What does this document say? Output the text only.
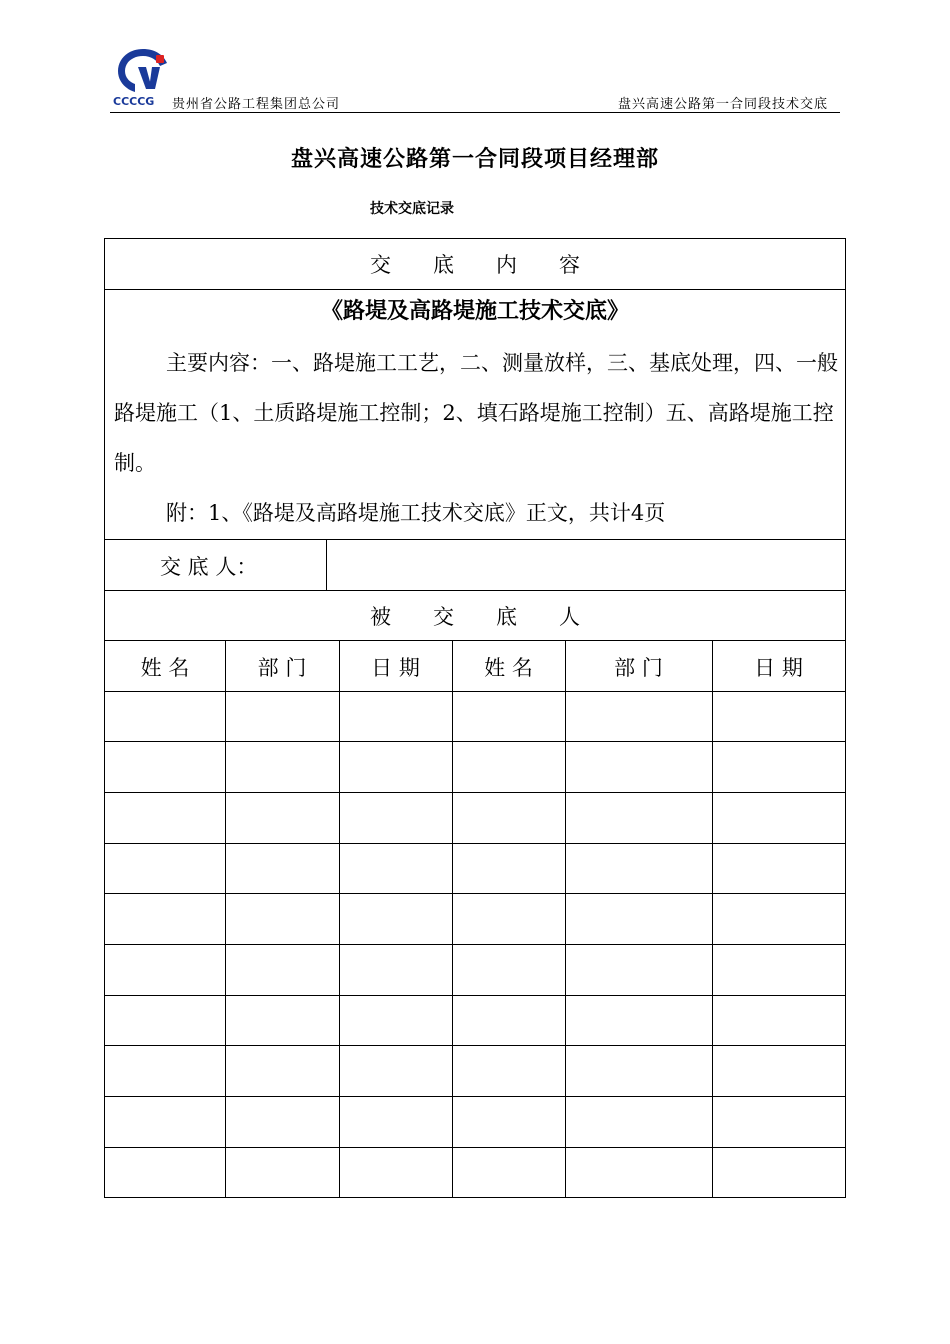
CCCCG 贵州省公路工程集团总公司	盘兴高速公路第一合同段技术交底
盘兴高速公路第一合同段项目经理部
技术交底记录
交　　底　　内　　容
《路堤及高路堤施工技术交底》
主要内容：一、路堤施工工艺，二、测量放样，三、基底处理，四、一般路堤施工（1、土质路堤施工控制；2、填石路堤施工控制）五、高路堤施工控制。
附：1、《路堤及高路堤施工技术交底》正文，共计4页
交 底 人：
被　　交　　底　　人
姓 名	部 门	日 期	姓 名	部 门	日 期
